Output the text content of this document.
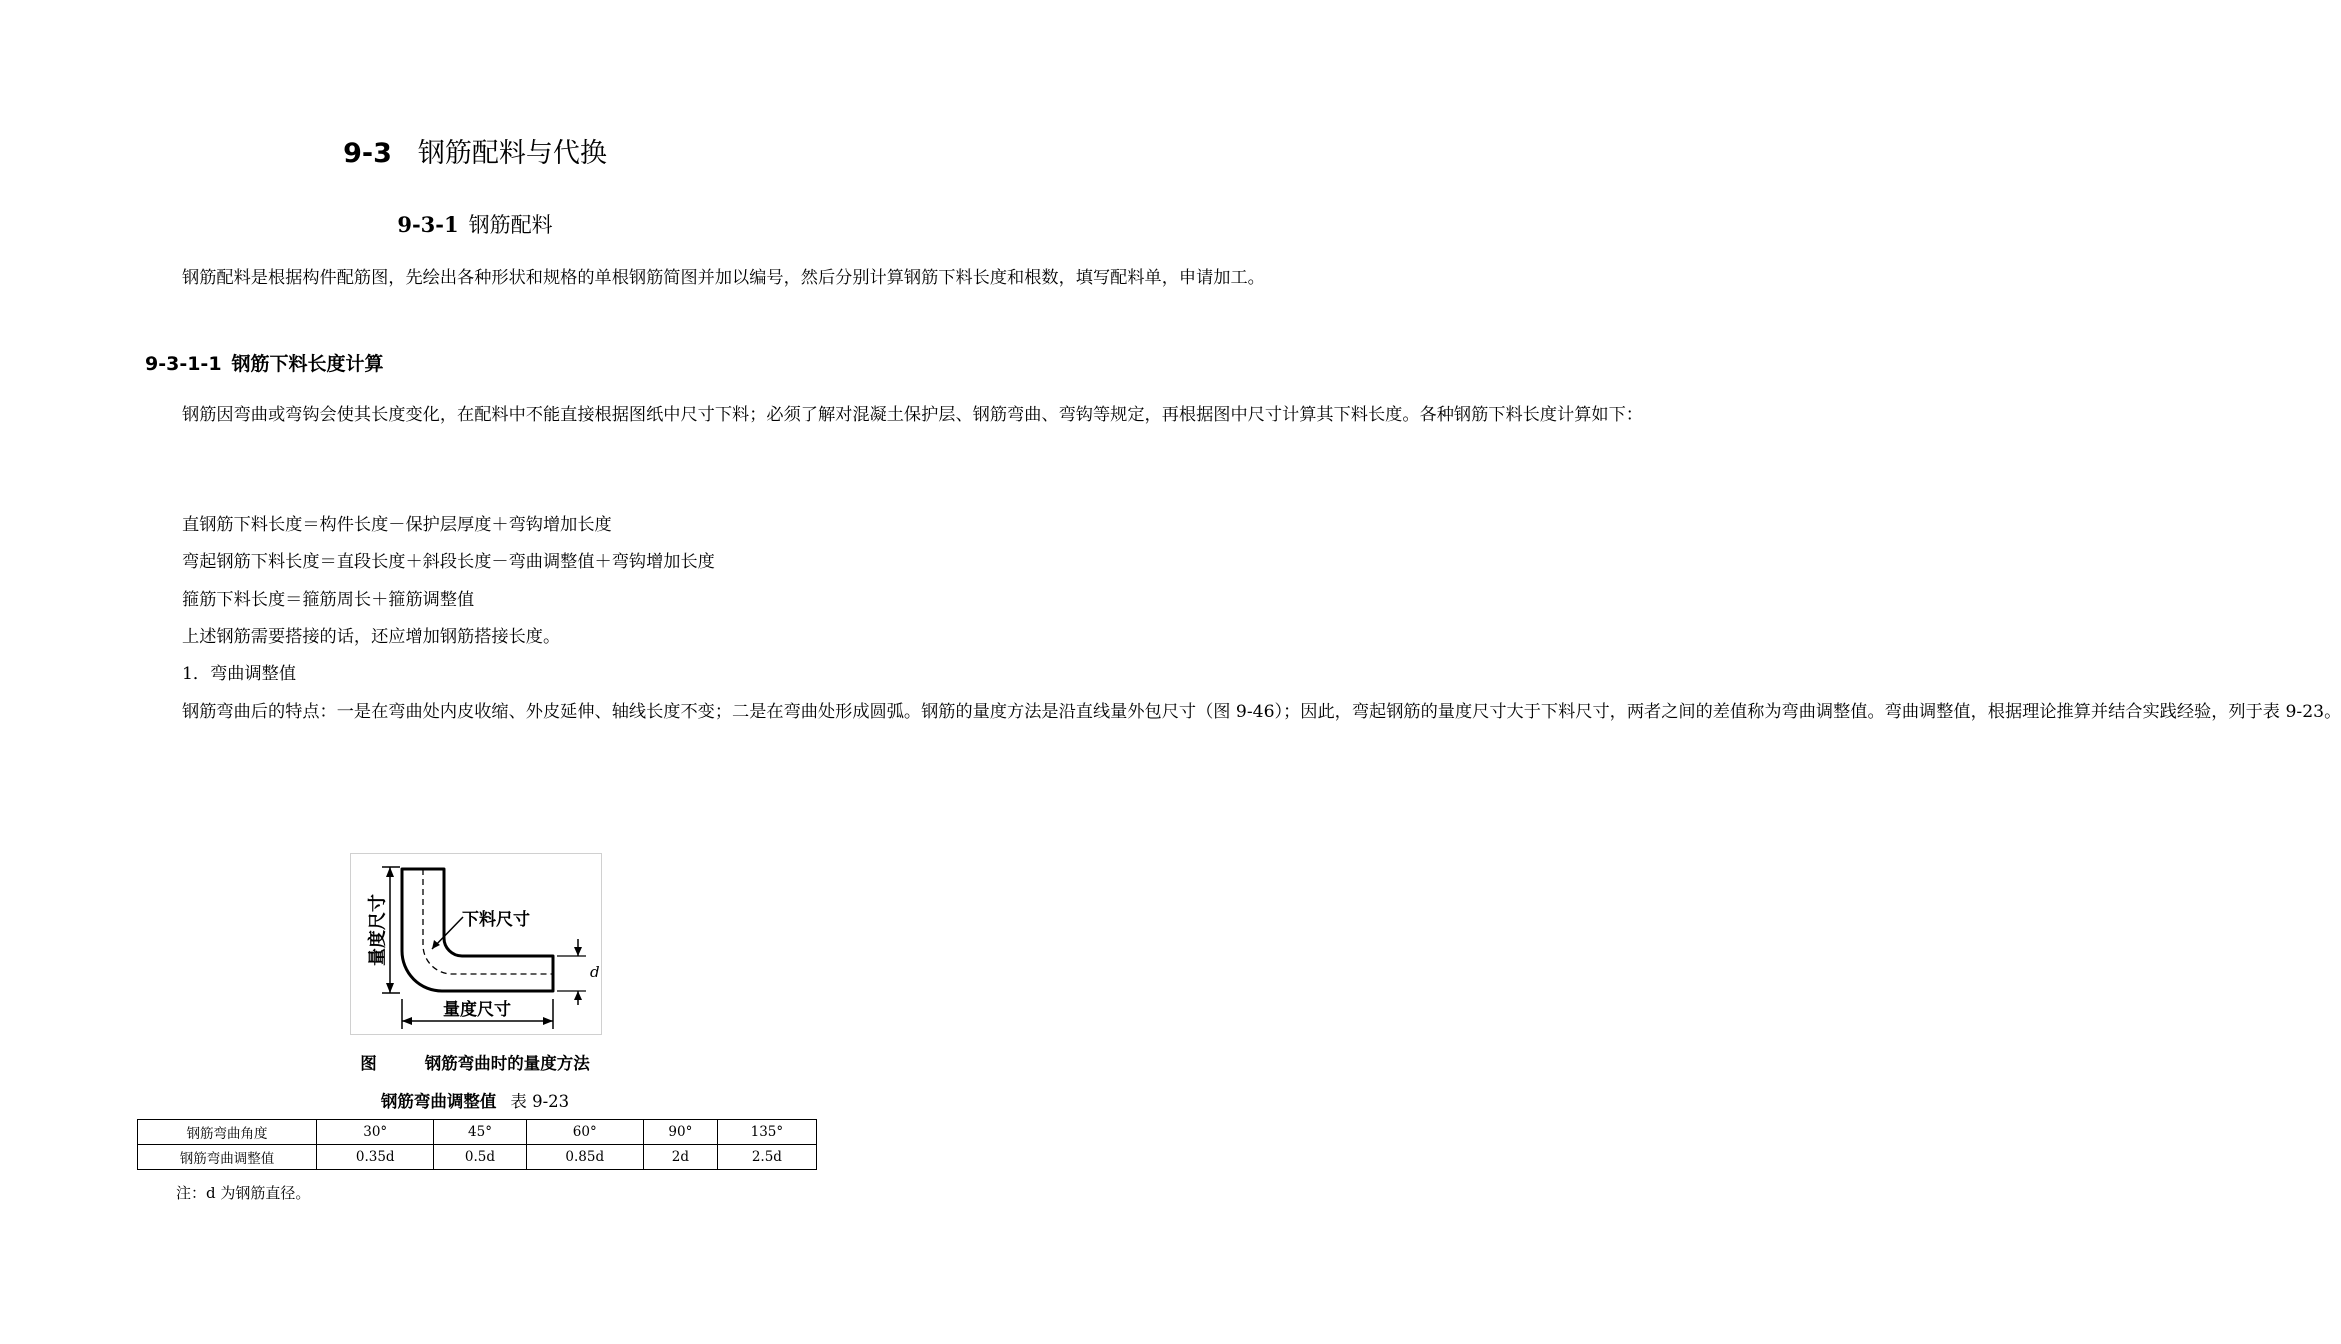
9-3 钢筋配料与代换
9-3-1 钢筋配料
钢筋配料是根据构件配筋图，先绘出各种形状和规格的单根钢筋简图并加以编号，然后分别计算钢筋下料长度和根数，填写配料单，申请加工。
9-3-1-1 钢筋下料长度计算
钢筋因弯曲或弯钩会使其长度变化，在配料中不能直接根据图纸中尺寸下料；必须了解对混凝土保护层、钢筋弯曲、弯钩等规定，再根据图中尺寸计算其下料长度。各种钢筋下料长度计算如下：
直钢筋下料长度＝构件长度－保护层厚度＋弯钩增加长度
弯起钢筋下料长度＝直段长度＋斜段长度－弯曲调整值＋弯钩增加长度
箍筋下料长度＝箍筋周长＋箍筋调整值
上述钢筋需要搭接的话，还应增加钢筋搭接长度。
1．弯曲调整值
钢筋弯曲后的特点：一是在弯曲处内皮收缩、外皮延伸、轴线长度不变；二是在弯曲处形成圆弧。钢筋的量度方法是沿直线量外包尺寸（图 9-46）；因此，弯起钢筋的量度尺寸大于下料尺寸，两者之间的差值称为弯曲调整值。弯曲调整值，根据理论推算并结合实践经验，列于表 9-23。
量度尺寸	下料尺寸
d
量度尺寸
图	钢筋弯曲时的量度方法
钢筋弯曲调整值 表 9-23
钢筋弯曲角度	30°	45°	60°	90°	135°
钢筋弯曲调整值	0.35d	0.5d	0.85d	2d	2.5d
注：d 为钢筋直径。
